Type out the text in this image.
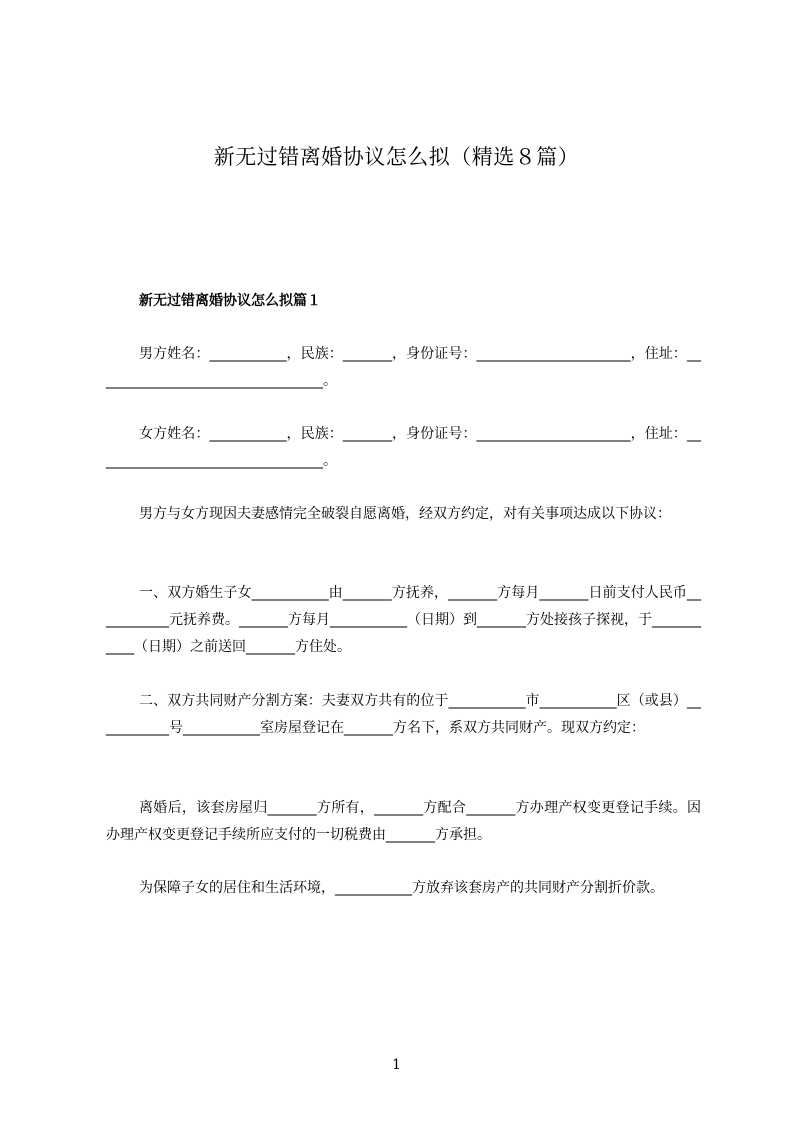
新无过错离婚协议怎么拟（精选８篇）
新无过错离婚协议怎么拟篇１

男方姓名：___________，民族：_______，身份证号：______________________，住址：_________________________________。

女方姓名：___________，民族：_______，身份证号：______________________，住址：_________________________________。

男方与女方现因夫妻感情完全破裂自愿离婚，经双方约定，对有关事项达成以下协议：

一、双方婚生子女___________由_______方抚养，_______方每月_______日前支付人民币___________元抚养费。_______方每月___________（日期）到_______方处接孩子探视，于___________（日期）之前送回_______方住处。

二、双方共同财产分割方案：夫妻双方共有的位于___________市___________区（或县）___________号___________室房屋登记在_______方名下，系双方共同财产。现双方约定：

离婚后，该套房屋归_______方所有，_______方配合_______方办理产权变更登记手续。因办理产权变更登记手续所应支付的一切税费由_______方承担。

为保障子女的居住和生活环境，___________方放弃该套房产的共同财产分割折价款。

1
